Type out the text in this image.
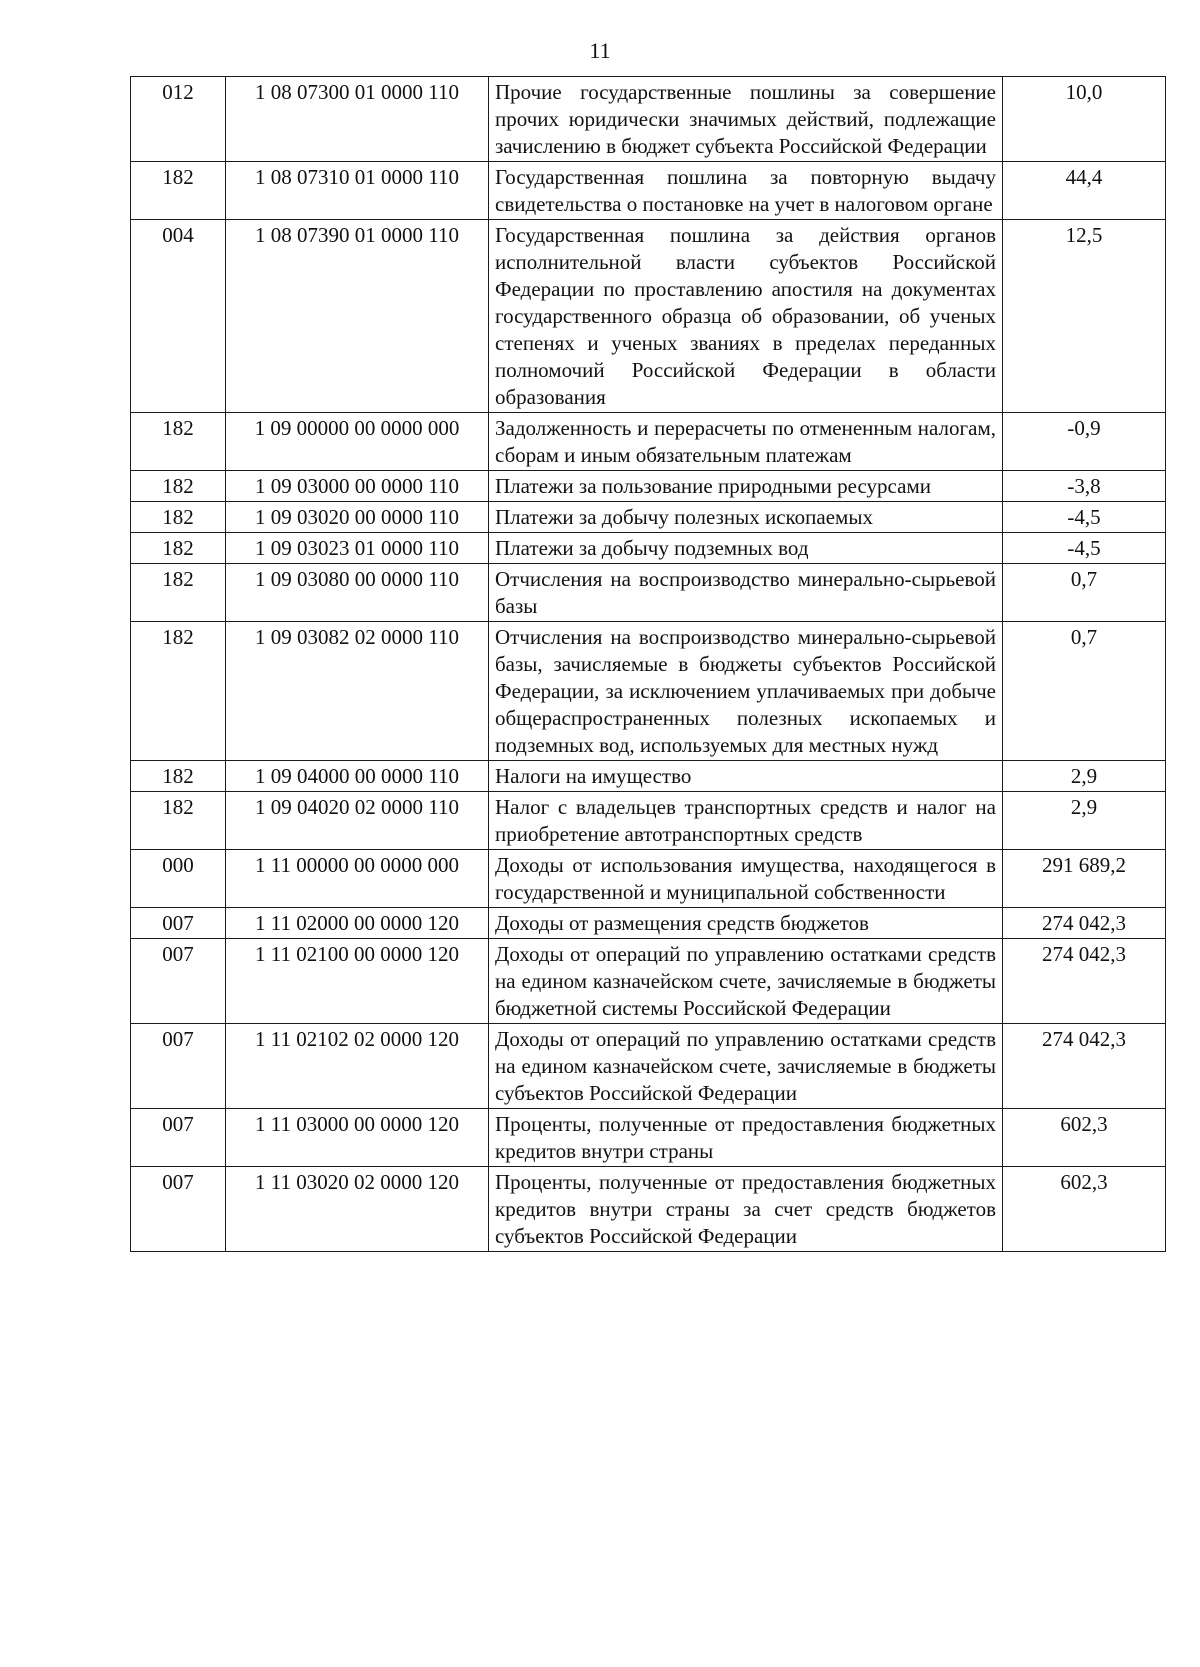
11
012	1 08 07300 01 0000 110	Прочие государственные пошлины за совершение прочих юридически значимых действий, подлежащие зачислению в бюджет субъекта Российской Федерации	10,0
182	1 08 07310 01 0000 110	Государственная пошлина за повторную выдачу свидетельства о постановке на учет в налоговом органе	44,4
004	1 08 07390 01 0000 110	Государственная пошлина за действия органов исполнительной власти субъектов Российской Федерации по проставлению апостиля на документах государственного образца об образовании, об ученых степенях и ученых званиях в пределах переданных полномочий Российской Федерации в области образования	12,5
182	1 09 00000 00 0000 000	Задолженность и перерасчеты по отмененным налогам, сборам и иным обязательным платежам	-0,9
182	1 09 03000 00 0000 110	Платежи за пользование природными ресурсами	-3,8
182	1 09 03020 00 0000 110	Платежи за добычу полезных ископаемых	-4,5
182	1 09 03023 01 0000 110	Платежи за добычу подземных вод	-4,5
182	1 09 03080 00 0000 110	Отчисления на воспроизводство минерально-сырьевой базы	0,7
182	1 09 03082 02 0000 110	Отчисления на воспроизводство минерально-сырьевой базы, зачисляемые в бюджеты субъектов Российской Федерации, за исключением уплачиваемых при добыче общераспространенных полезных ископаемых и подземных вод, используемых для местных нужд	0,7
182	1 09 04000 00 0000 110	Налоги на имущество	2,9
182	1 09 04020 02 0000 110	Налог с владельцев транспортных средств и налог на приобретение автотранспортных средств	2,9
000	1 11 00000 00 0000 000	Доходы от использования имущества, находящегося в государственной и муниципальной собственности	291 689,2
007	1 11 02000 00 0000 120	Доходы от размещения средств бюджетов	274 042,3
007	1 11 02100 00 0000 120	Доходы от операций по управлению остатками средств на едином казначейском счете, зачисляемые в бюджеты бюджетной системы Российской Федерации	274 042,3
007	1 11 02102 02 0000 120	Доходы от операций по управлению остатками средств на едином казначейском счете, зачисляемые в бюджеты субъектов Российской Федерации	274 042,3
007	1 11 03000 00 0000 120	Проценты, полученные от предоставления бюджетных кредитов внутри страны	602,3
007	1 11 03020 02 0000 120	Проценты, полученные от предоставления бюджетных кредитов внутри страны за счет средств бюджетов субъектов Российской Федерации	602,3
